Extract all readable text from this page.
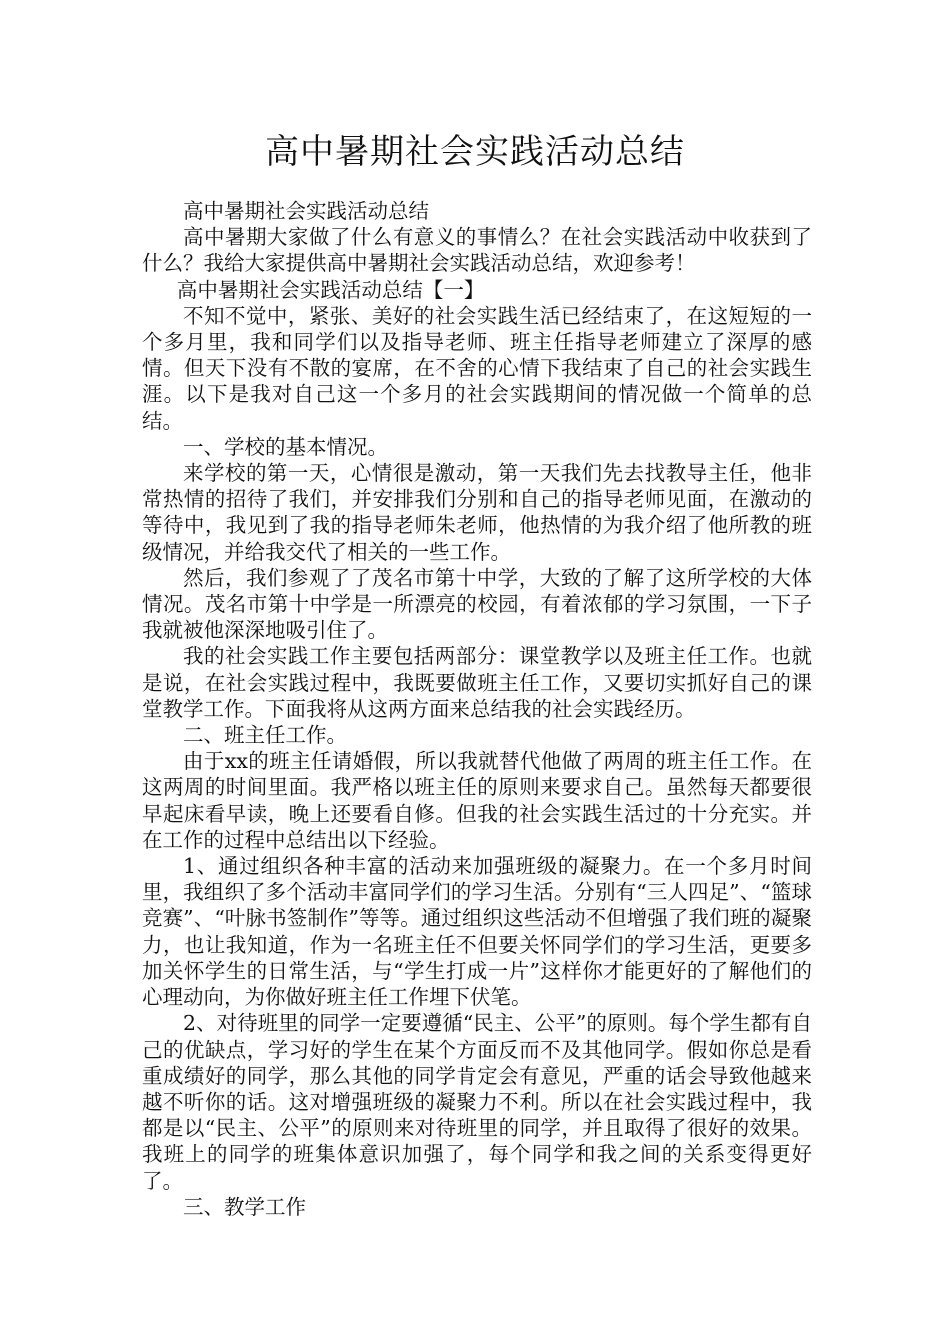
高中暑期社会实践活动总结

高中暑期社会实践活动总结

高中暑期大家做了什么有意义的事情么？在社会实践活动中收获到了什么？我给大家提供高中暑期社会实践活动总结，欢迎参考！

高中暑期社会实践活动总结【一】

不知不觉中，紧张、美好的社会实践生活已经结束了，在这短短的一个多月里，我和同学们以及指导老师、班主任指导老师建立了深厚的感情。但天下没有不散的宴席，在不舍的心情下我结束了自己的社会实践生涯。以下是我对自己这一个多月的社会实践期间的情况做一个简单的总结。

一、学校的基本情况。

来学校的第一天，心情很是激动，第一天我们先去找教导主任，他非常热情的招待了我们，并安排我们分别和自己的指导老师见面，在激动的等待中，我见到了我的指导老师朱老师，他热情的为我介绍了他所教的班级情况，并给我交代了相关的一些工作。

然后，我们参观了了茂名市第十中学，大致的了解了这所学校的大体情况。茂名市第十中学是一所漂亮的校园，有着浓郁的学习氛围，一下子我就被他深深地吸引住了。

我的社会实践工作主要包括两部分：课堂教学以及班主任工作。也就是说，在社会实践过程中，我既要做班主任工作，又要切实抓好自己的课堂教学工作。下面我将从这两方面来总结我的社会实践经历。

二、班主任工作。

由于xx的班主任请婚假，所以我就替代他做了两周的班主任工作。在这两周的时间里面。我严格以班主任的原则来要求自己。虽然每天都要很早起床看早读，晚上还要看自修。但我的社会实践生活过的十分充实。并在工作的过程中总结出以下经验。

1、通过组织各种丰富的活动来加强班级的凝聚力。在一个多月时间里，我组织了多个活动丰富同学们的学习生活。分别有“三人四足”、“篮球竞赛”、“叶脉书签制作”等等。通过组织这些活动不但增强了我们班的凝聚力，也让我知道，作为一名班主任不但要关怀同学们的学习生活，更要多加关怀学生的日常生活，与“学生打成一片”这样你才能更好的了解他们的心理动向，为你做好班主任工作埋下伏笔。

2、对待班里的同学一定要遵循“民主、公平”的原则。每个学生都有自己的优缺点，学习好的学生在某个方面反而不及其他同学。假如你总是看重成绩好的同学，那么其他的同学肯定会有意见，严重的话会导致他越来越不听你的话。这对增强班级的凝聚力不利。所以在社会实践过程中，我都是以“民主、公平”的原则来对待班里的同学，并且取得了很好的效果。我班上的同学的班集体意识加强了，每个同学和我之间的关系变得更好了。

三、教学工作
